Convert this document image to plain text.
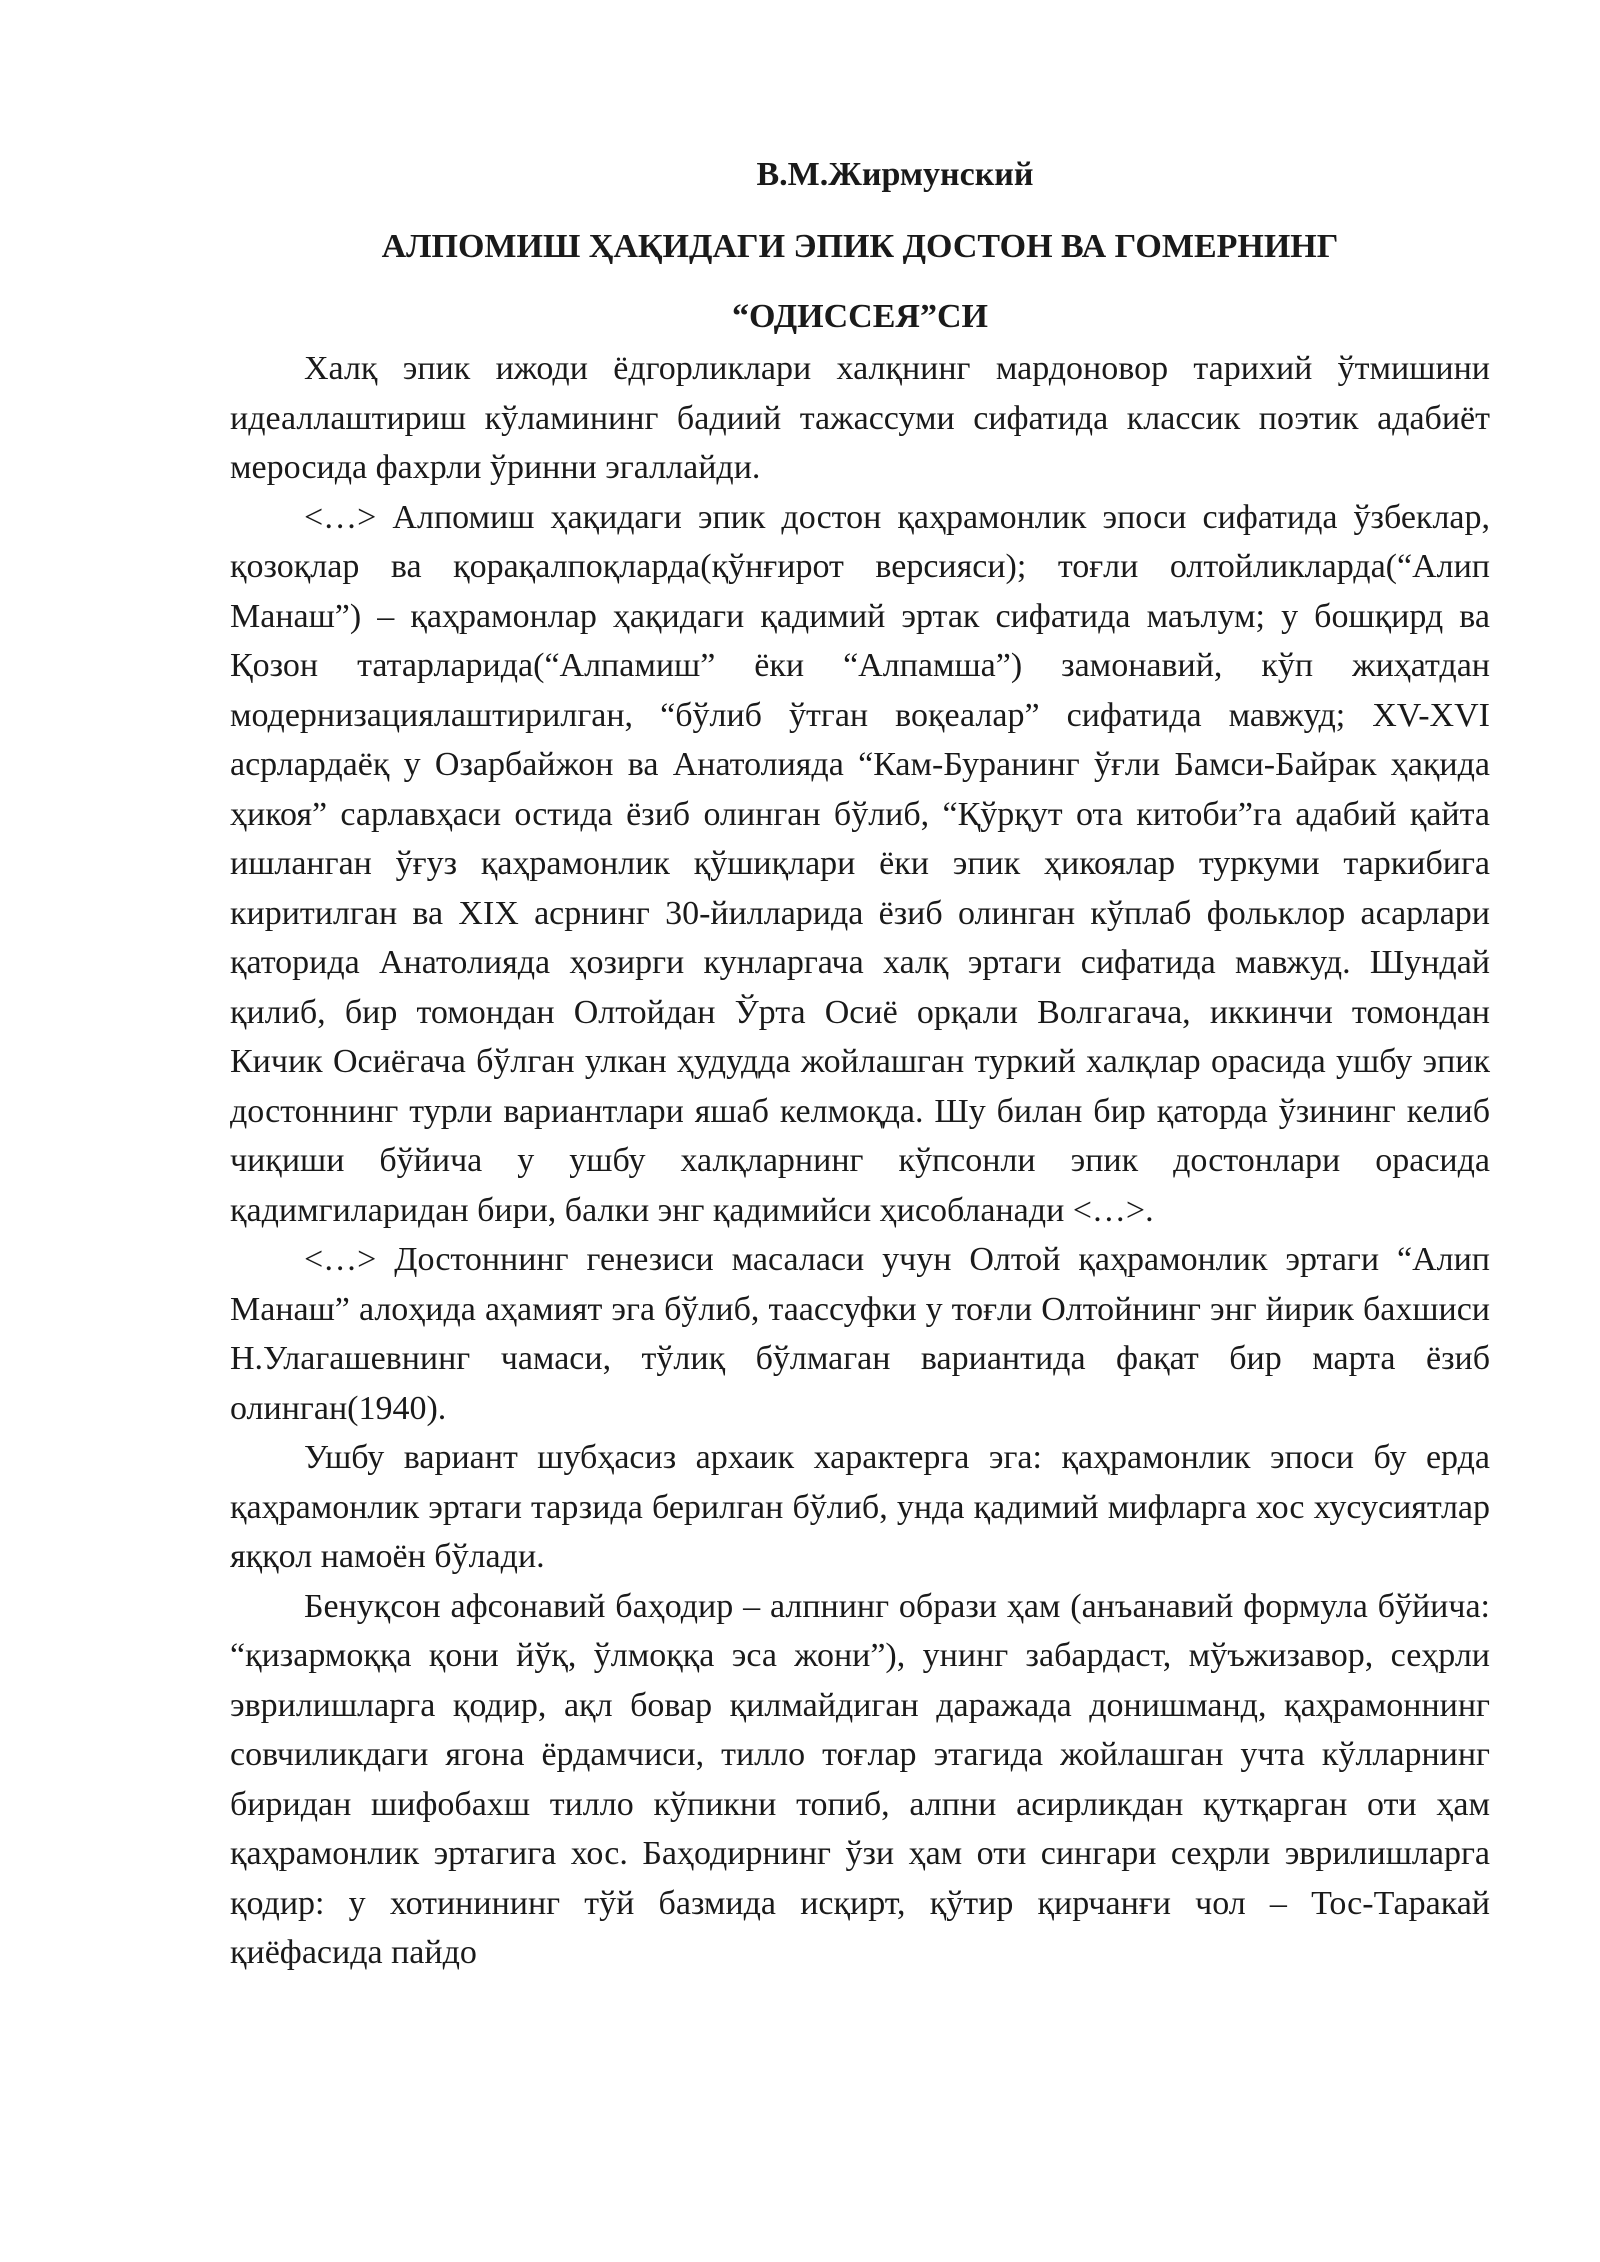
В.М.Жирмунский

АЛПОМИШ ҲАҚИДАГИ ЭПИК ДОСТОН ВА ГОМЕРНИНГ
“ОДИССЕЯ”СИ

Халқ эпик ижоди ёдгорликлари халқнинг мардоновор тарихий ўтмишини идеаллаштириш кўламининг бадиий тажассуми сифатида классик поэтик адабиёт меросида фахрли ўринни эгаллайди.

<…> Алпомиш ҳақидаги эпик достон қаҳрамонлик эпоси сифатида ўзбеклар, қозоқлар ва қорақалпоқларда(қўнғирот версияси); тоғли олтойликларда(“Алип Манаш”) – қаҳрамонлар ҳақидаги қадимий эртак сифатида маълум; у бошқирд ва Қозон татарларида(“Алпамиш” ёки “Алпамша”) замонавий, кўп жиҳатдан модернизациялаштирилган, “бўлиб ўтган воқеалар” сифатида мавжуд; XV-XVI асрлардаёқ у Озарбайжон ва Анатолияда “Кам-Буранинг ўғли Бамси-Байрак ҳақида ҳикоя” сарлавҳаси остида ёзиб олинган бўлиб, “Қўрқут ота китоби”га адабий қайта ишланган ўғуз қаҳрамонлик қўшиқлари ёки эпик ҳикоялар туркуми таркибига киритилган ва XIX асрнинг 30-йилларида ёзиб олинган кўплаб фольклор асарлари қаторида Анатолияда ҳозирги кунларгача халқ эртаги сифатида мавжуд. Шундай қилиб, бир томондан Олтойдан Ўрта Осиё орқали Волгагача, иккинчи томондан Кичик Осиёгача бўлган улкан ҳудудда жойлашган туркий халқлар орасида ушбу эпик достоннинг турли вариантлари яшаб келмоқда. Шу билан бир қаторда ўзининг келиб чиқиши бўйича у ушбу халқларнинг кўпсонли эпик достонлари орасида қадимгиларидан бири, балки энг қадимийси ҳисобланади <…>.

<…> Достоннинг генезиси масаласи учун Олтой қаҳрамонлик эртаги “Алип Манаш” алоҳида аҳамият эга бўлиб, таассуфки у тоғли Олтойнинг энг йирик бахшиси Н.Улагашевнинг чамаси, тўлиқ бўлмаган вариантида фақат бир марта ёзиб олинган(1940).

Ушбу вариант шубҳасиз архаик характерга эга: қаҳрамонлик эпоси бу ерда қаҳрамонлик эртаги тарзида берилган бўлиб, унда қадимий мифларга хос хусусиятлар яққол намоён бўлади.

Бенуқсон афсонавий баҳодир – алпнинг образи ҳам (анъанавий формула бўйича: “қизармоққа қони йўқ, ўлмоққа эса жони”), унинг забардаст, мўъжизавор, сеҳрли эврилишларга қодир, ақл бовар қилмайдиган даражада донишманд, қаҳрамоннинг совчиликдаги ягона ёрдамчиси, тилло тоғлар этагида жойлашган учта кўлларнинг биридан шифобахш тилло кўпикни топиб, алпни асирликдан қутқарган оти ҳам қаҳрамонлик эртагига хос. Баҳодирнинг ўзи ҳам оти сингари сеҳрли эврилишларга қодир: у хотинининг тўй базмида исқирт, қўтир қирчанғи чол – Тос-Таракай қиёфасида пайдо
